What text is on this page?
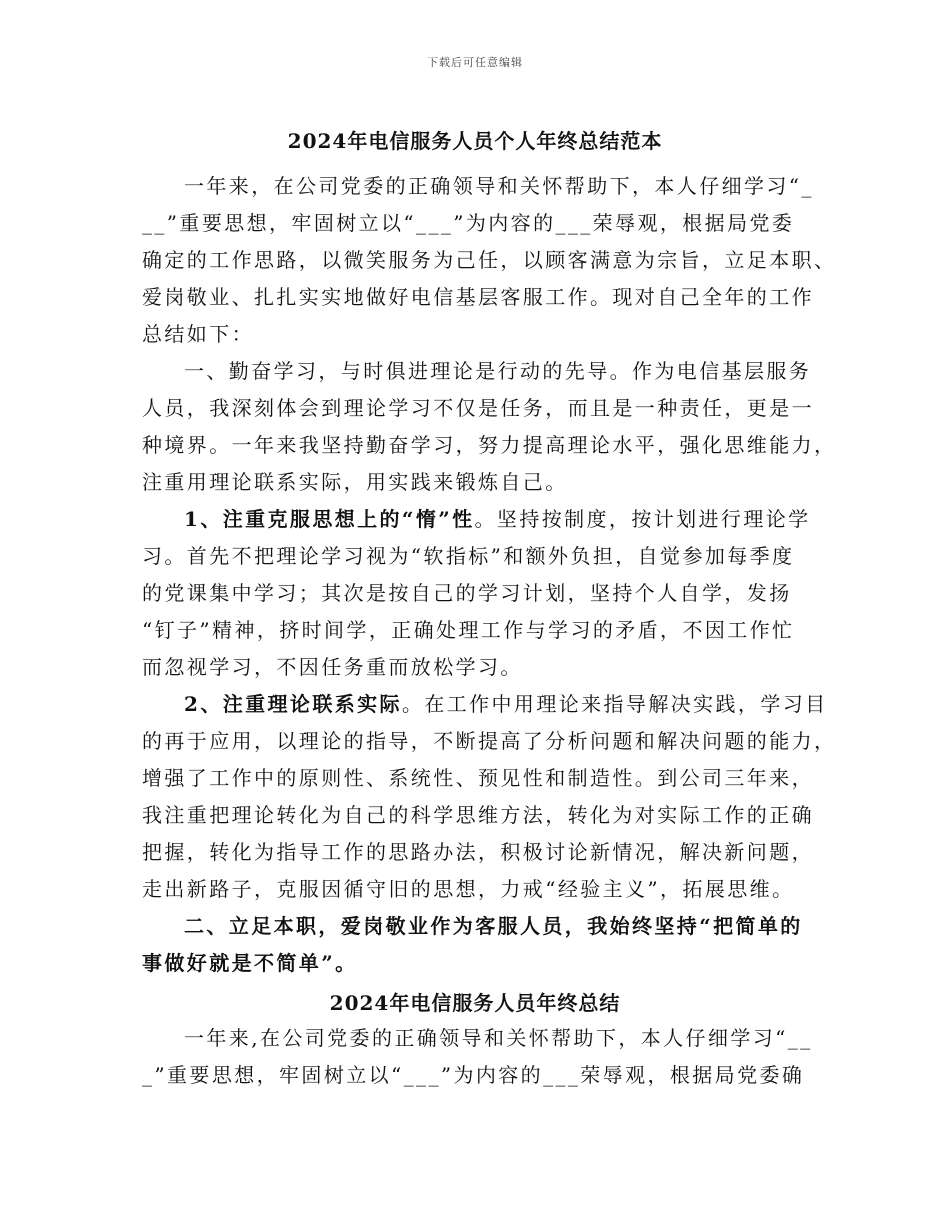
下载后可任意编辑
2024年电信服务人员个人年终总结范本
一年来，在公司党委的正确领导和关怀帮助下，本人仔细学习“_
__”重要思想，牢固树立以“___”为内容的___荣辱观，根据局党委
确定的工作思路，以微笑服务为己任，以顾客满意为宗旨，立足本职、
爱岗敬业、扎扎实实地做好电信基层客服工作。现对自己全年的工作
总结如下：
一、勤奋学习，与时俱进理论是行动的先导。作为电信基层服务
人员，我深刻体会到理论学习不仅是任务，而且是一种责任，更是一
种境界。一年来我坚持勤奋学习，努力提高理论水平，强化思维能力，
注重用理论联系实际，用实践来锻炼自己。
1、注重克服思想上的“惰”性。坚持按制度，按计划进行理论学
习。首先不把理论学习视为“软指标”和额外负担，自觉参加每季度
的党课集中学习；其次是按自己的学习计划，坚持个人自学，发扬
“钉子”精神，挤时间学，正确处理工作与学习的矛盾，不因工作忙
而忽视学习，不因任务重而放松学习。
2、注重理论联系实际。在工作中用理论来指导解决实践，学习目
的再于应用，以理论的指导，不断提高了分析问题和解决问题的能力，
增强了工作中的原则性、系统性、预见性和制造性。到公司三年来，
我注重把理论转化为自己的科学思维方法，转化为对实际工作的正确
把握，转化为指导工作的思路办法，积极讨论新情况，解决新问题，
走出新路子，克服因循守旧的思想，力戒“经验主义”，拓展思维。
二、立足本职，爱岗敬业作为客服人员，我始终坚持“把简单的
事做好就是不简单”。
2024年电信服务人员年终总结
一年来,在公司党委的正确领导和关怀帮助下，本人仔细学习“__
_”重要思想，牢固树立以“___”为内容的___荣辱观，根据局党委确
